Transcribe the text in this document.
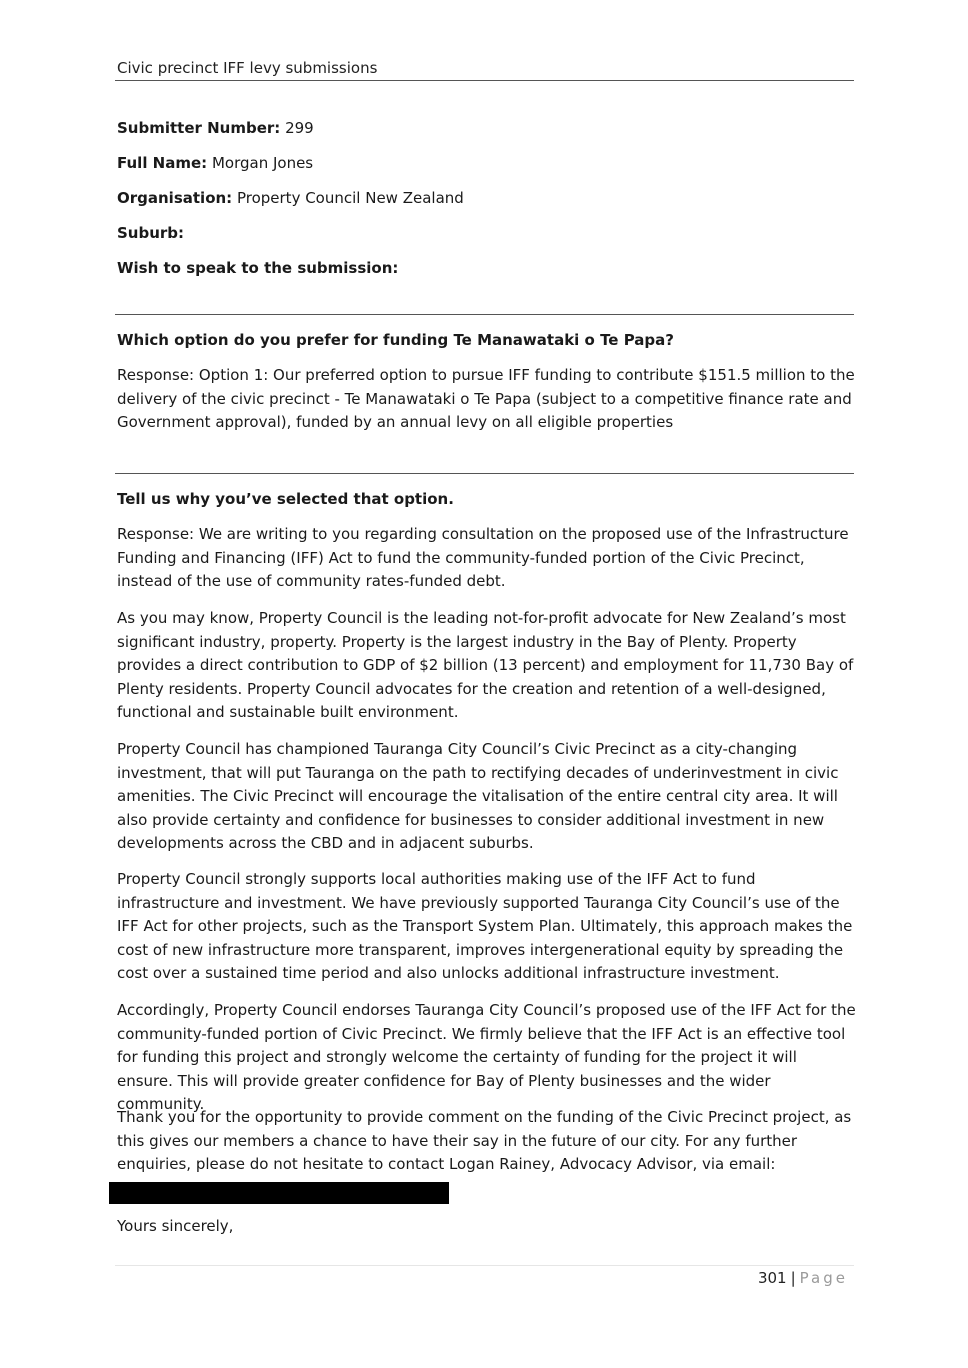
Civic precinct IFF levy submissions
Submitter Number: 299
Full Name: Morgan Jones
Organisation: Property Council New Zealand
Suburb:
Wish to speak to the submission:
Which option do you prefer for funding Te Manawataki o Te Papa?

Response: Option 1: Our preferred option to pursue IFF funding to contribute $151.5 million to the delivery of the civic precinct - Te Manawataki o Te Papa (subject to a competitive finance rate and Government approval), funded by an annual levy on all eligible properties

Tell us why you’ve selected that option.

Response: We are writing to you regarding consultation on the proposed use of the Infrastructure Funding and Financing (IFF) Act to fund the community-funded portion of the Civic Precinct, instead of the use of community rates-funded debt.

As you may know, Property Council is the leading not-for-profit advocate for New Zealand’s most significant industry, property. Property is the largest industry in the Bay of Plenty. Property provides a direct contribution to GDP of $2 billion (13 percent) and employment for 11,730 Bay of Plenty residents. Property Council advocates for the creation and retention of a well-designed, functional and sustainable built environment.

Property Council has championed Tauranga City Council’s Civic Precinct as a city-changing investment, that will put Tauranga on the path to rectifying decades of underinvestment in civic amenities. The Civic Precinct will encourage the vitalisation of the entire central city area. It will also provide certainty and confidence for businesses to consider additional investment in new developments across the CBD and in adjacent suburbs.

Property Council strongly supports local authorities making use of the IFF Act to fund infrastructure and investment. We have previously supported Tauranga City Council’s use of the IFF Act for other projects, such as the Transport System Plan. Ultimately, this approach makes the cost of new infrastructure more transparent, improves intergenerational equity by spreading the cost over a sustained time period and also unlocks additional infrastructure investment.

Accordingly, Property Council endorses Tauranga City Council’s proposed use of the IFF Act for the community-funded portion of Civic Precinct. We firmly believe that the IFF Act is an effective tool for funding this project and strongly welcome the certainty of funding for the project it will ensure. This will provide greater confidence for Bay of Plenty businesses and the wider community.

Thank you for the opportunity to provide comment on the funding of the Civic Precinct project, as this gives our members a chance to have their say in the future of our city. For any further enquiries, please do not hesitate to contact Logan Rainey, Advocacy Advisor, via email:

Yours sincerely,
301 | Page
